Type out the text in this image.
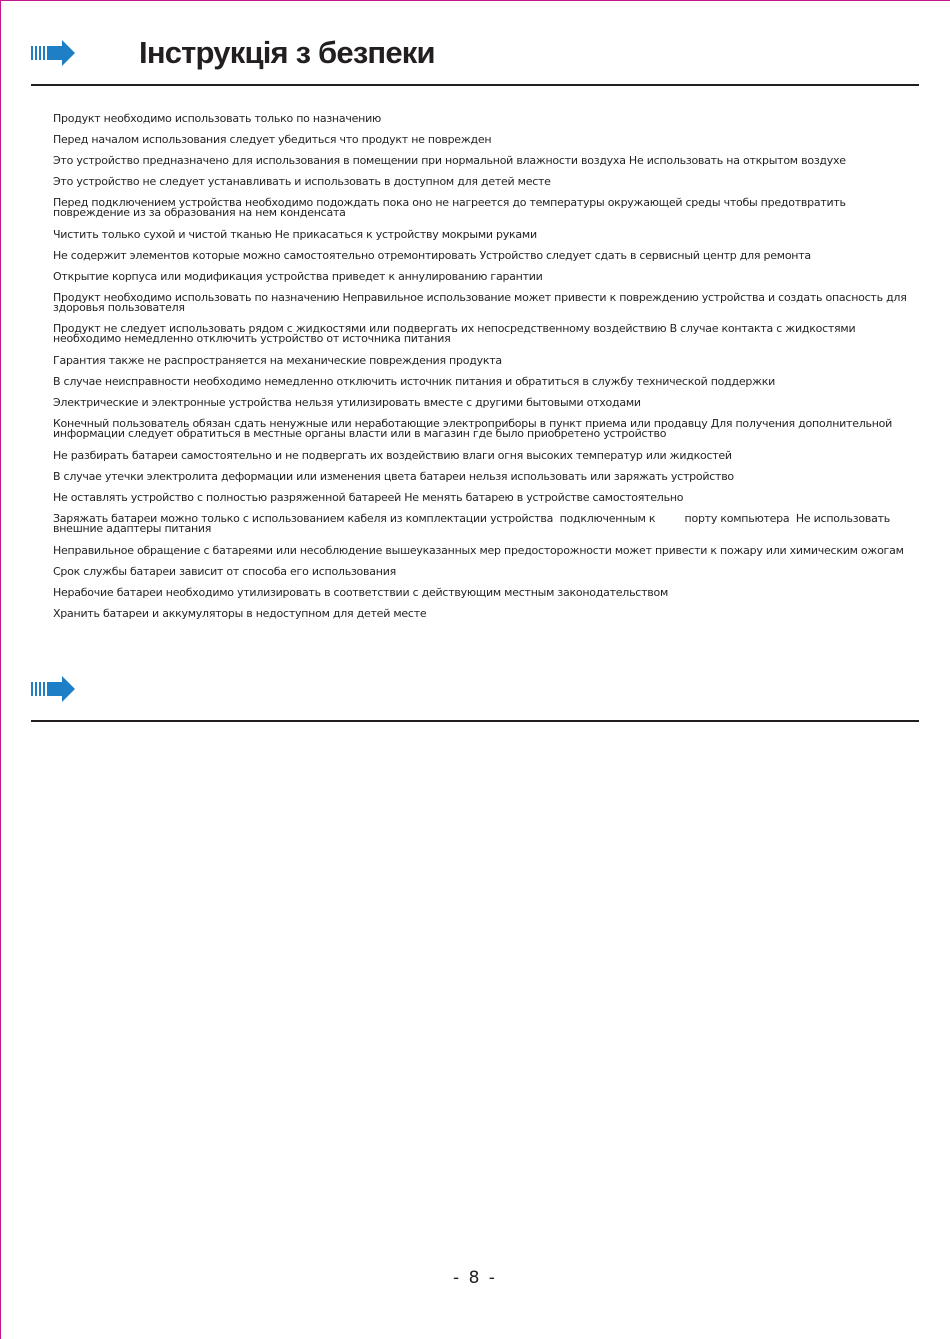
Інструкція з безпеки

Продукт необходимо использовать только по назначению

Перед началом использования следует убедиться что продукт не поврежден

Это устройство предназначено для использования в помещении при нормальной влажности воздуха Не использовать на открытом воздухе

Это устройство не следует устанавливать и использовать в доступном для детей месте

Перед подключением устройства необходимо подождать пока оно не нагреется до температуры окружающей среды чтобы предотвратить повреждение из за образования на нем конденсата

Чистить только сухой и чистой тканью Не прикасаться к устройству мокрыми руками

Не содержит элементов которые можно самостоятельно отремонтировать Устройство следует сдать в сервисный центр для ремонта

Открытие корпуса или модификация устройства приведет к аннулированию гарантии

Продукт необходимо использовать по назначению Неправильное использование может привести к повреждению устройства и создать опасность для здоровья пользователя

Продукт не следует использовать рядом с жидкостями или подвергать их непосредственному воздействию В случае контакта с жидкостями необходимо немедленно отключить устройство от источника питания

Гарантия также не распространяется на механические повреждения продукта

В случае неисправности необходимо немедленно отключить источник питания и обратиться в службу технической поддержки

Электрические и электронные устройства нельзя утилизировать вместе с другими бытовыми отходами

Конечный пользователь обязан сдать ненужные или неработающие электроприборы в пункт приема или продавцу Для получения дополнительной информации следует обратиться в местные органы власти или в магазин где было приобретено устройство

Не разбирать батареи самостоятельно и не подвергать их воздействию влаги огня высоких температур или жидкостей

В случае утечки электролита деформации или изменения цвета батареи нельзя использовать или заряжать устройство

Не оставлять устройство с полностью разряженной батареей Не менять батарею в устройстве самостоятельно

Заряжать батареи можно только с использованием кабеля из комплектации устройства  подключенным к         порту компьютера  Не использовать внешние адаптеры питания

Неправильное обращение с батареями или несоблюдение вышеуказанных мер предосторожности может привести к пожару или химическим ожогам

Срок службы батареи зависит от способа его использования

Нерабочие батареи необходимо утилизировать в соответствии с действующим местным законодательством

Хранить батареи и аккумуляторы в недоступном для детей месте

- 8 -
